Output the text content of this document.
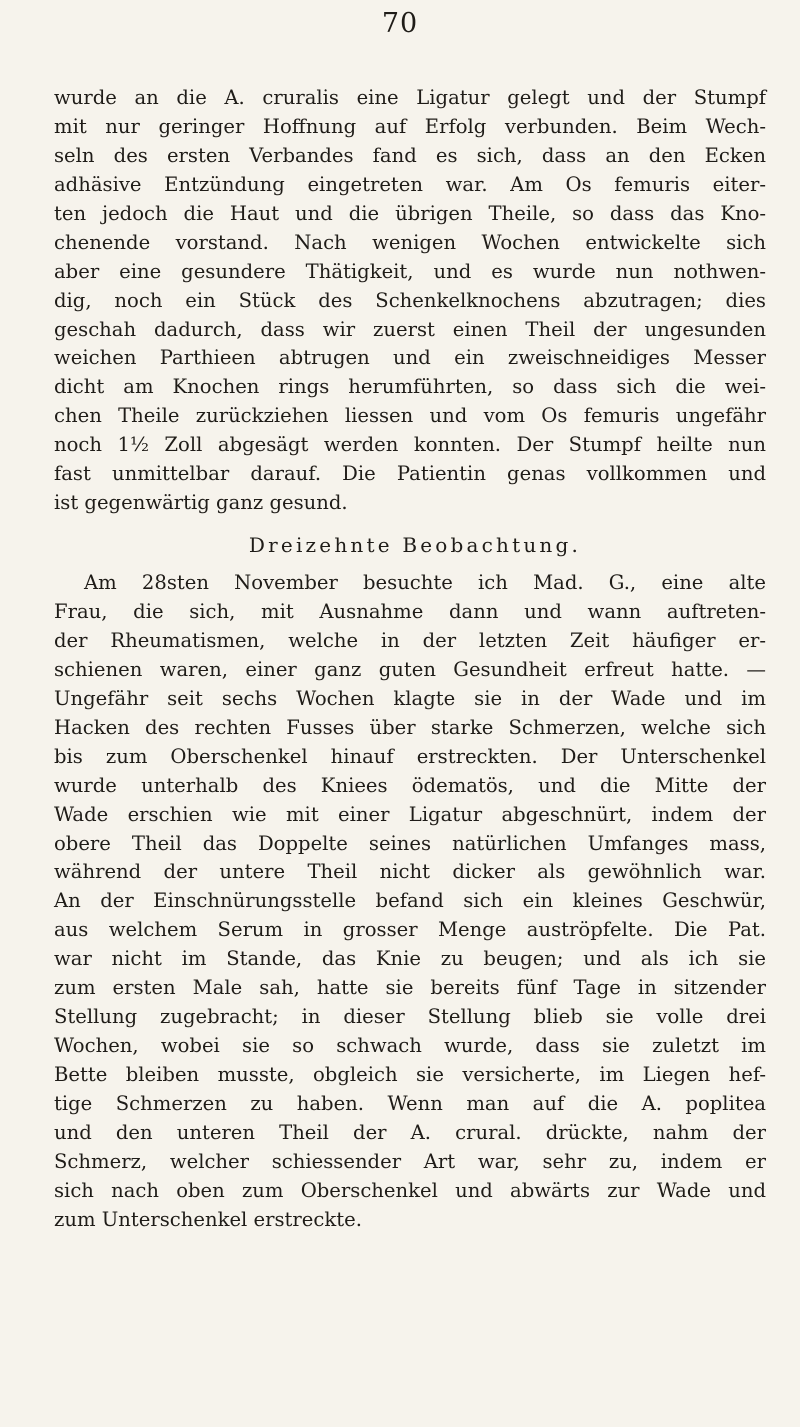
70
wurde an die A. cruralis eine Ligatur gelegt und der Stumpf
mit nur geringer Hoffnung auf Erfolg verbunden. Beim Wech-
seln des ersten Verbandes fand es sich, dass an den Ecken
adhäsive Entzündung eingetreten war. Am Os femuris eiter-
ten jedoch die Haut und die übrigen Theile, so dass das Kno-
chenende vorstand. Nach wenigen Wochen entwickelte sich
aber eine gesundere Thätigkeit, und es wurde nun nothwen-
dig, noch ein Stück des Schenkelknochens abzutragen; dies
geschah dadurch, dass wir zuerst einen Theil der ungesunden
weichen Parthieen abtrugen und ein zweischneidiges Messer
dicht am Knochen rings herumführten, so dass sich die wei-
chen Theile zurückziehen liessen und vom Os femuris ungefähr
noch 1½ Zoll abgesägt werden konnten. Der Stumpf heilte nun
fast unmittelbar darauf. Die Patientin genas vollkommen und
ist gegenwärtig ganz gesund.
Dreizehnte Beobachtung.
Am 28sten November besuchte ich Mad. G., eine alte
Frau, die sich, mit Ausnahme dann und wann auftreten-
der Rheumatismen, welche in der letzten Zeit häufiger er-
schienen waren, einer ganz guten Gesundheit erfreut hatte. —
Ungefähr seit sechs Wochen klagte sie in der Wade und im
Hacken des rechten Fusses über starke Schmerzen, welche sich
bis zum Oberschenkel hinauf erstreckten. Der Unterschenkel
wurde unterhalb des Kniees ödematös, und die Mitte der
Wade erschien wie mit einer Ligatur abgeschnürt, indem der
obere Theil das Doppelte seines natürlichen Umfanges mass,
während der untere Theil nicht dicker als gewöhnlich war.
An der Einschnürungsstelle befand sich ein kleines Geschwür,
aus welchem Serum in grosser Menge auströpfelte. Die Pat.
war nicht im Stande, das Knie zu beugen; und als ich sie
zum ersten Male sah, hatte sie bereits fünf Tage in sitzender
Stellung zugebracht; in dieser Stellung blieb sie volle drei
Wochen, wobei sie so schwach wurde, dass sie zuletzt im
Bette bleiben musste, obgleich sie versicherte, im Liegen hef-
tige Schmerzen zu haben. Wenn man auf die A. poplitea
und den unteren Theil der A. crural. drückte, nahm der
Schmerz, welcher schiessender Art war, sehr zu, indem er
sich nach oben zum Oberschenkel und abwärts zur Wade und
zum Unterschenkel erstreckte.
